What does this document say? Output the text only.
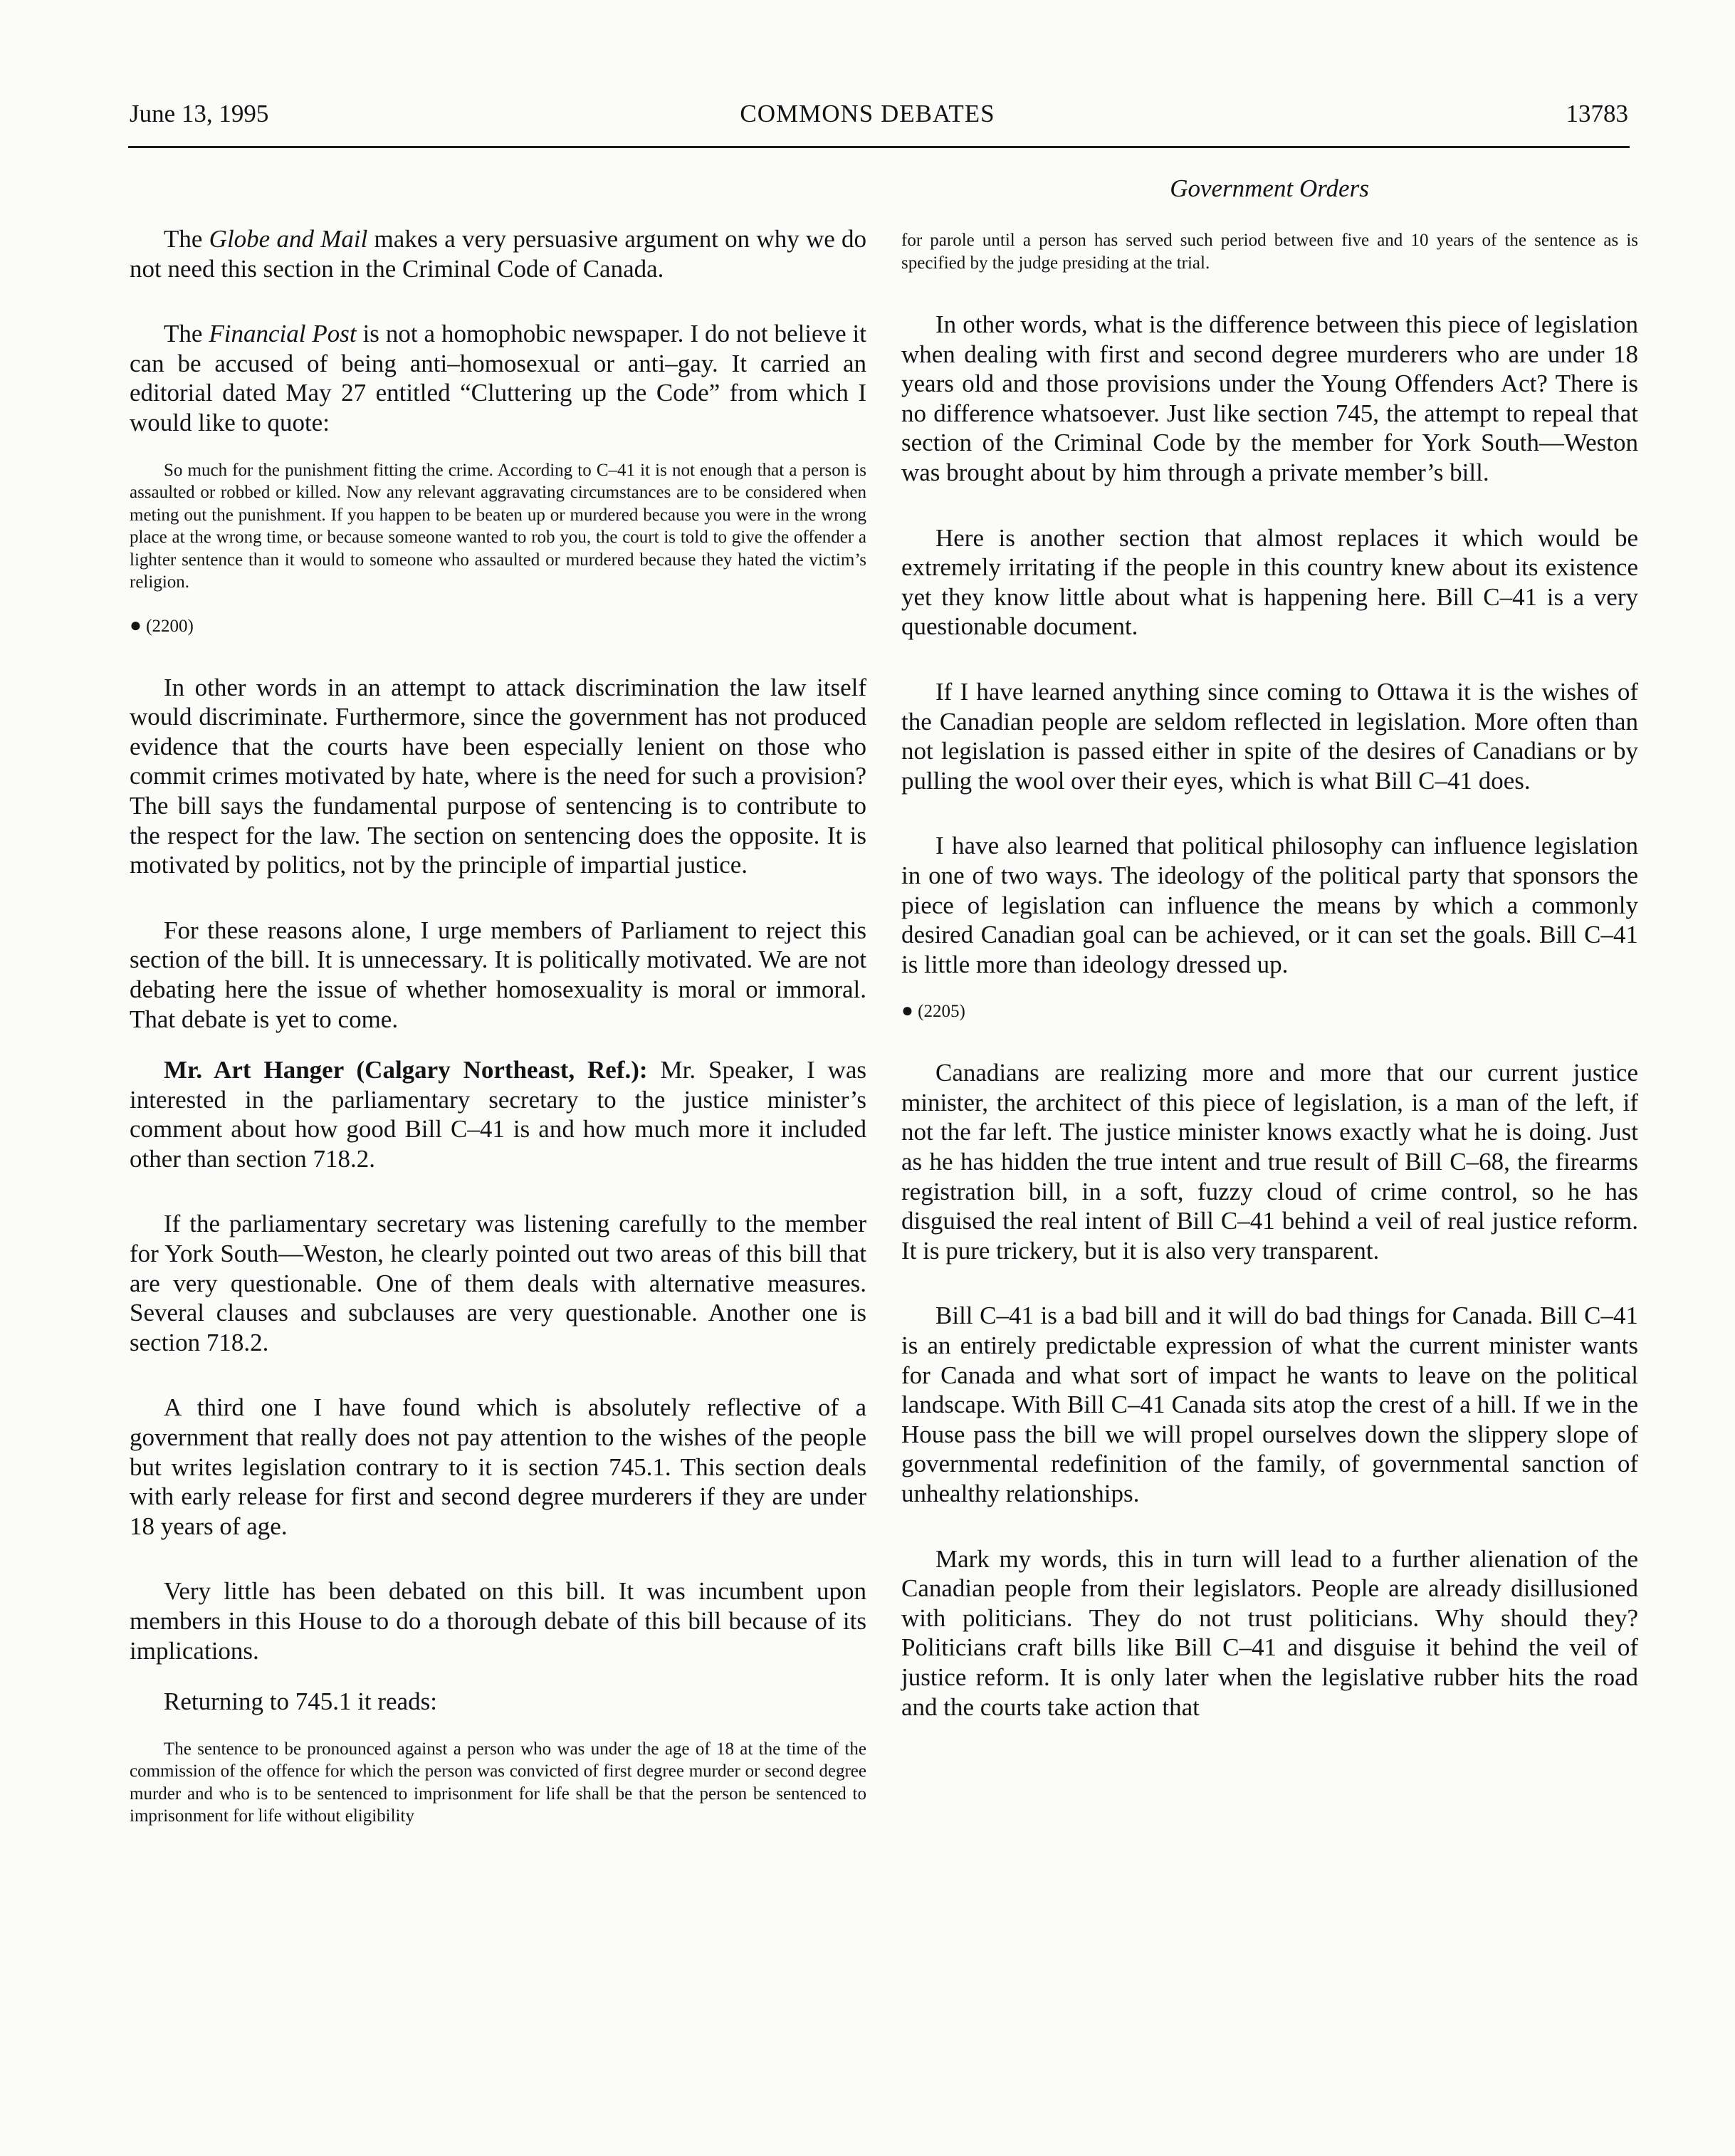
COMMONS DEBATES
June 13, 1995	13783
Government Orders

The Globe and Mail makes a very persuasive argument on why we do not need this section in the Criminal Code of Canada.

The Financial Post is not a homophobic newspaper. I do not believe it can be accused of being anti–homosexual or anti–gay. It carried an editorial dated May 27 entitled “Cluttering up the Code” from which I would like to quote:

So much for the punishment fitting the crime. According to C–41 it is not enough that a person is assaulted or robbed or killed. Now any relevant aggravating circumstances are to be considered when meting out the punishment. If you happen to be beaten up or murdered because you were in the wrong place at the wrong time, or because someone wanted to rob you, the court is told to give the offender a lighter sentence than it would to someone who assaulted or murdered because they hated the victim’s religion.

● (2200)

In other words in an attempt to attack discrimination the law itself would discriminate. Furthermore, since the government has not produced evidence that the courts have been especially lenient on those who commit crimes motivated by hate, where is the need for such a provision? The bill says the fundamental purpose of sentencing is to contribute to the respect for the law. The section on sentencing does the opposite. It is motivated by politics, not by the principle of impartial justice.

For these reasons alone, I urge members of Parliament to reject this section of the bill. It is unnecessary. It is politically motivated. We are not debating here the issue of whether homosexuality is moral or immoral. That debate is yet to come.

Mr. Art Hanger (Calgary Northeast, Ref.): Mr. Speaker, I was interested in the parliamentary secretary to the justice minister’s comment about how good Bill C–41 is and how much more it included other than section 718.2.

If the parliamentary secretary was listening carefully to the member for York South—Weston, he clearly pointed out two areas of this bill that are very questionable. One of them deals with alternative measures. Several clauses and subclauses are very questionable. Another one is section 718.2.

A third one I have found which is absolutely reflective of a government that really does not pay attention to the wishes of the people but writes legislation contrary to it is section 745.1. This section deals with early release for first and second degree murderers if they are under 18 years of age.

Very little has been debated on this bill. It was incumbent upon members in this House to do a thorough debate of this bill because of its implications.

Returning to 745.1 it reads:

The sentence to be pronounced against a person who was under the age of 18 at the time of the commission of the offence for which the person was convicted of first degree murder or second degree murder and who is to be sentenced to imprisonment for life shall be that the person be sentenced to imprisonment for life without eligibility

for parole until a person has served such period between five and 10 years of the sentence as is specified by the judge presiding at the trial.

In other words, what is the difference between this piece of legislation when dealing with first and second degree murderers who are under 18 years old and those provisions under the Young Offenders Act? There is no difference whatsoever. Just like section 745, the attempt to repeal that section of the Criminal Code by the member for York South—Weston was brought about by him through a private member’s bill.

Here is another section that almost replaces it which would be extremely irritating if the people in this country knew about its existence yet they know little about what is happening here. Bill C–41 is a very questionable document.

If I have learned anything since coming to Ottawa it is the wishes of the Canadian people are seldom reflected in legislation. More often than not legislation is passed either in spite of the desires of Canadians or by pulling the wool over their eyes, which is what Bill C–41 does.

I have also learned that political philosophy can influence legislation in one of two ways. The ideology of the political party that sponsors the piece of legislation can influence the means by which a commonly desired Canadian goal can be achieved, or it can set the goals. Bill C–41 is little more than ideology dressed up.

● (2205)

Canadians are realizing more and more that our current justice minister, the architect of this piece of legislation, is a man of the left, if not the far left. The justice minister knows exactly what he is doing. Just as he has hidden the true intent and true result of Bill C–68, the firearms registration bill, in a soft, fuzzy cloud of crime control, so he has disguised the real intent of Bill C–41 behind a veil of real justice reform. It is pure trickery, but it is also very transparent.

Bill C–41 is a bad bill and it will do bad things for Canada. Bill C–41 is an entirely predictable expression of what the current minister wants for Canada and what sort of impact he wants to leave on the political landscape. With Bill C–41 Canada sits atop the crest of a hill. If we in the House pass the bill we will propel ourselves down the slippery slope of governmental redefinition of the family, of governmental sanction of unhealthy relationships.

Mark my words, this in turn will lead to a further alienation of the Canadian people from their legislators. People are already disillusioned with politicians. They do not trust politicians. Why should they? Politicians craft bills like Bill C–41 and disguise it behind the veil of justice reform. It is only later when the legislative rubber hits the road and the courts take action that
